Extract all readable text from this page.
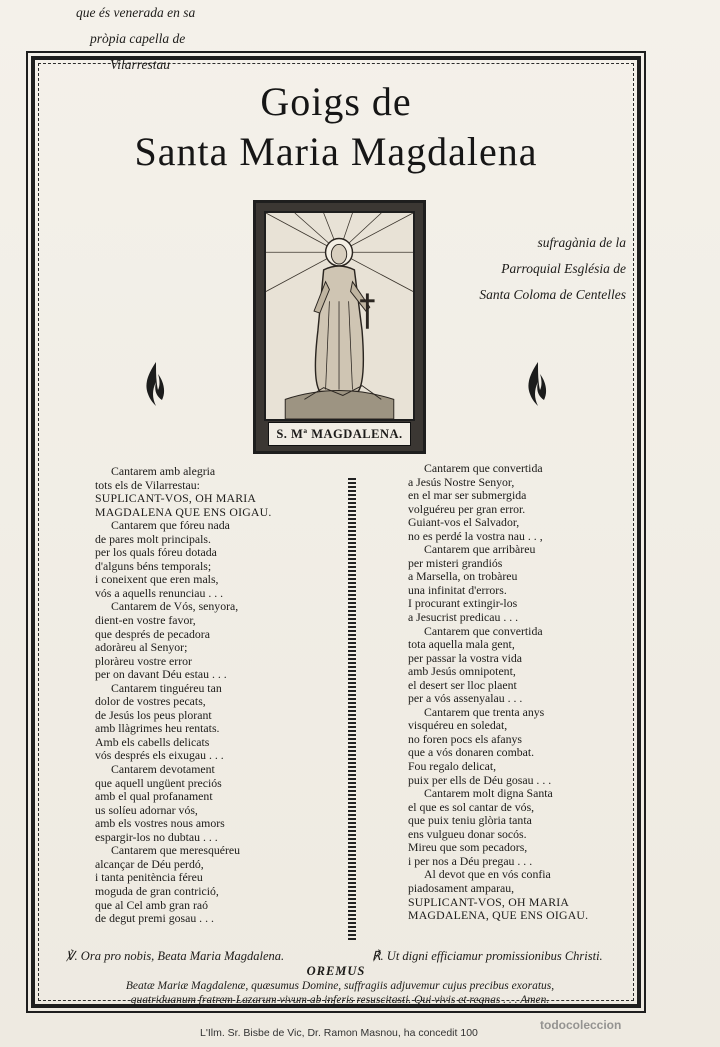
Goigs de
Santa Maria Magdalena
que és venerada en sa
pròpia capella de
Vilarrestau
sufragània de la
Parroquial Església de
Santa Coloma de Centelles
S. Mª MAGDALENA.
Cantarem amb alegria
tots els de Vilarrestau:
SUPLICANT-VOS, OH MARIA
MAGDALENA QUE ENS OIGAU.
Cantarem que fóreu nada
de pares molt principals.
per los quals fóreu dotada
d'alguns béns temporals;
i coneixent que eren mals,
vós a aquells renunciau . . .
Cantarem de Vós, senyora,
dient-en vostre favor,
que després de pecadora
adoràreu al Senyor;
ploràreu vostre error
per on davant Déu estau . . .
Cantarem tinguéreu tan
dolor de vostres pecats,
de Jesús los peus plorant
amb llàgrimes heu rentats.
Amb els cabells delicats
vós després els eixugau . . .
Cantarem devotament
que aquell ungüent preciós
amb el qual profanament
us solíeu adornar vós,
amb els vostres nous amors
espargir-los no dubtau . . .
Cantarem que meresquéreu
alcançar de Déu perdó,
i tanta penitència féreu
moguda de gran contrició,
que al Cel amb gran raó
de degut premi gosau . . .
Cantarem que convertida
a Jesús Nostre Senyor,
en el mar ser submergida
volguéreu per gran error.
Guiant-vos el Salvador,
no es perdé la vostra nau . . ,
Cantarem que arribàreu
per misteri grandiós
a Marsella, on trobàreu
una infinitat d'errors.
I procurant extingir-los
a Jesucrist predicau . . .
Cantarem que convertida
tota aquella mala gent,
per passar la vostra vida
amb Jesús omnipotent,
el desert ser lloc plaent
per a vós assenyalau . . .
Cantarem que trenta anys
visquéreu en soledat,
no foren pocs els afanys
que a vós donaren combat.
Fou regalo delicat,
puix per ells de Déu gosau . . .
Cantarem molt digna Santa
el que es sol cantar de vós,
que puix teniu glòria tanta
ens vulgueu donar socós.
Mireu que som pecadors,
i per nos a Déu pregau . . .
Al devot que en vós confia
piadosament amparau,
SUPLICANT-VOS, OH MARIA
MAGDALENA, QUE ENS OIGAU.
℣. Ora pro nobis, Beata Maria Magdalena.	℟. Ut digni efficiamur promissionibus Christi.
OREMUS
Beatæ Mariæ Magdalenæ, quæsumus Domine, suffragiis adjuvemur cujus precibus exoratus,
quatriduanum fratrem Lazarum vivum ab inferis resuscitasti. Qui vivis et regnas . . . Amen.
L'Ilm. Sr. Bisbe de Vic, Dr. Ramon Masnou, ha concedit 100
todocoleccion
